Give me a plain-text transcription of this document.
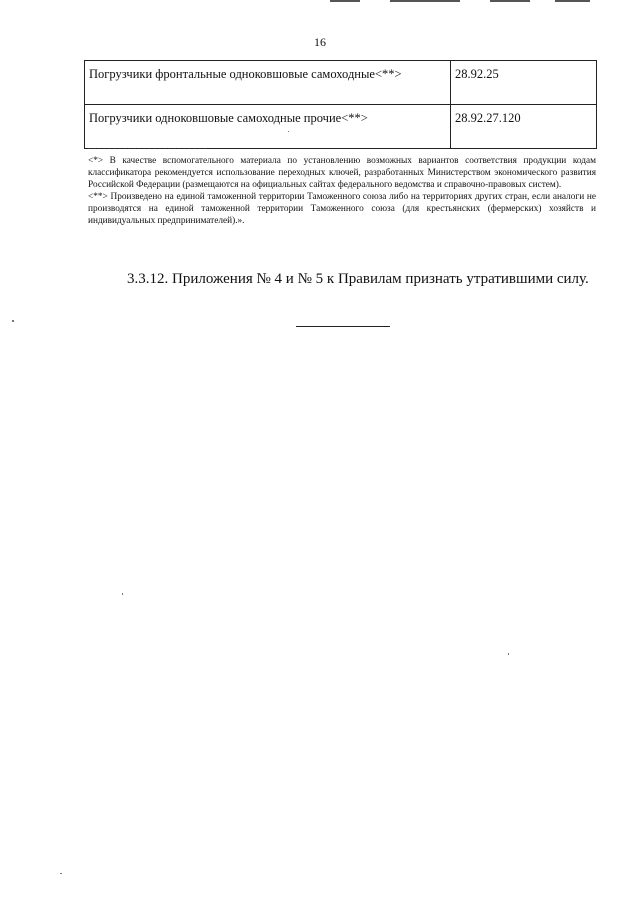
16
Погрузчики фронтальные одноковшовые самоходные<**>	28.92.25
Погрузчики одноковшовые самоходные прочие<**>	28.92.27.120

<*> В качестве вспомогательного материала по установлению возможных вариантов соответствия продукции кодам классификатора рекомендуется использование переходных ключей, разработанных Министерством экономического развития Российской Федерации (размещаются на официальных сайтах федерального ведомства и справочно-правовых систем).

<**> Произведено на единой таможенной территории Таможенного союза либо на территориях других стран, если аналоги не производятся на единой таможенной территории Таможенного союза (для крестьянских (фермерских) хозяйств и индивидуальных предпринимателей).».

3.3.12. Приложения № 4 и № 5 к Правилам признать утратившими силу.
